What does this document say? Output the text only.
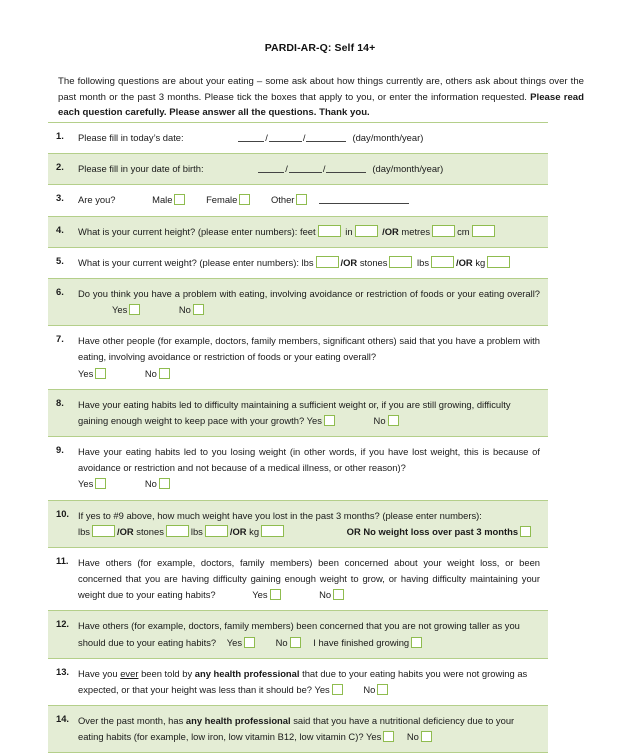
PARDI-AR-Q: Self 14+

The following questions are about your eating – some ask about how things currently are, others ask about things over the past month or the past 3 months. Please tick the boxes that apply to you, or enter the information requested. Please read each question carefully. Please answer all the questions. Thank you.

1.	Please fill in today’s date: / / (day/month/year)
2.	Please fill in your date of birth: / / (day/month/year)
3.	Are you? Male Female Other
4.	What is your current height? (please enter numbers): feet in /OR metres cm
5.	What is your current weight? (please enter numbers): lbs /OR stones lbs /OR kg
6.	Do you think you have a problem with eating, involving avoidance or restriction of foods or your eating overall? Yes No
7.	Have other people (for example, doctors, family members, significant others) said that you have a problem with eating, involving avoidance or restriction of foods or your eating overall?
Yes No
8.	Have your eating habits led to difficulty maintaining a sufficient weight or, if you are still growing, difficulty gaining enough weight to keep pace with your growth? Yes No
9.	Have your eating habits led to you losing weight (in other words, if you have lost weight, this is because of avoidance or restriction and not because of a medical illness, or other reason)?
Yes No
10.	If yes to #9 above, how much weight have you lost in the past 3 months? (please enter numbers):
lbs /OR stones lbs /OR kg OR No weight loss over past 3 months
11.	Have others (for example, doctors, family members) been concerned about your weight loss, or been concerned that you are having difficulty gaining enough weight to grow, or having difficulty maintaining your weight due to your eating habits? Yes No
12.	Have others (for example, doctors, family members) been concerned that you are not growing taller as you should due to your eating habits? Yes No I have finished growing
13.	Have you ever been told by any health professional that due to your eating habits you were not growing as expected, or that your height was less than it should be? Yes No
14.	Over the past month, has any health professional said that you have a nutritional deficiency due to your eating habits (for example, low iron, low vitamin B12, low vitamin C)? Yes No
